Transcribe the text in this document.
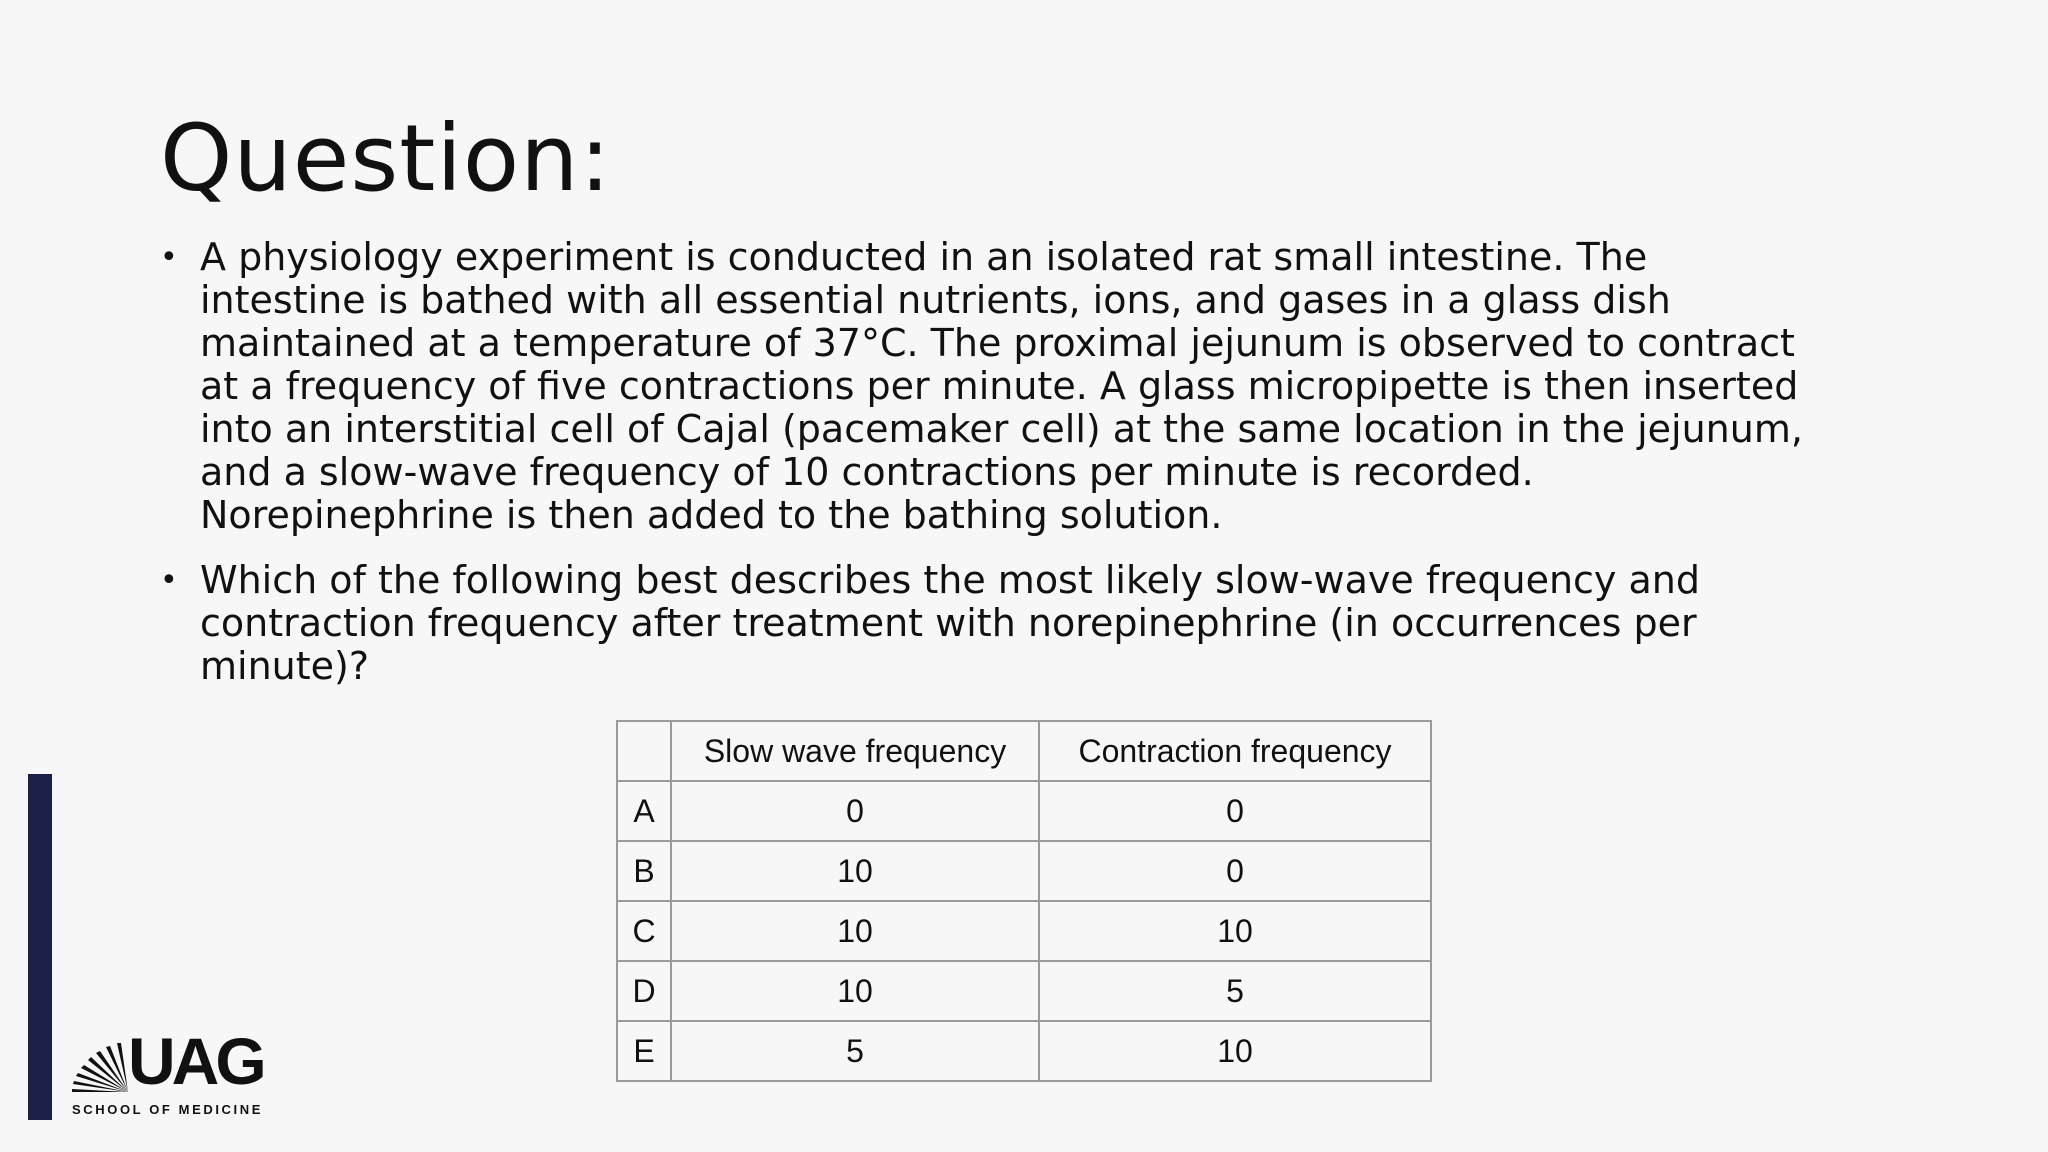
Question:
• A physiology experiment is conducted in an isolated rat small intestine. The
intestine is bathed with all essential nutrients, ions, and gases in a glass dish
maintained at a temperature of 37°C. The proximal jejunum is observed to contract
at a frequency of five contractions per minute. A glass micropipette is then inserted
into an interstitial cell of Cajal (pacemaker cell) at the same location in the jejunum,
and a slow-wave frequency of 10 contractions per minute is recorded.
Norepinephrine is then added to the bathing solution.
• Which of the following best describes the most likely slow-wave frequency and
contraction frequency after treatment with norepinephrine (in occurrences per
minute)?
	Slow wave frequency	Contraction frequency
A	0	0
B	10	0
C	10	10
D	10	5
E	5	10
UAG
SCHOOL OF MEDICINE
